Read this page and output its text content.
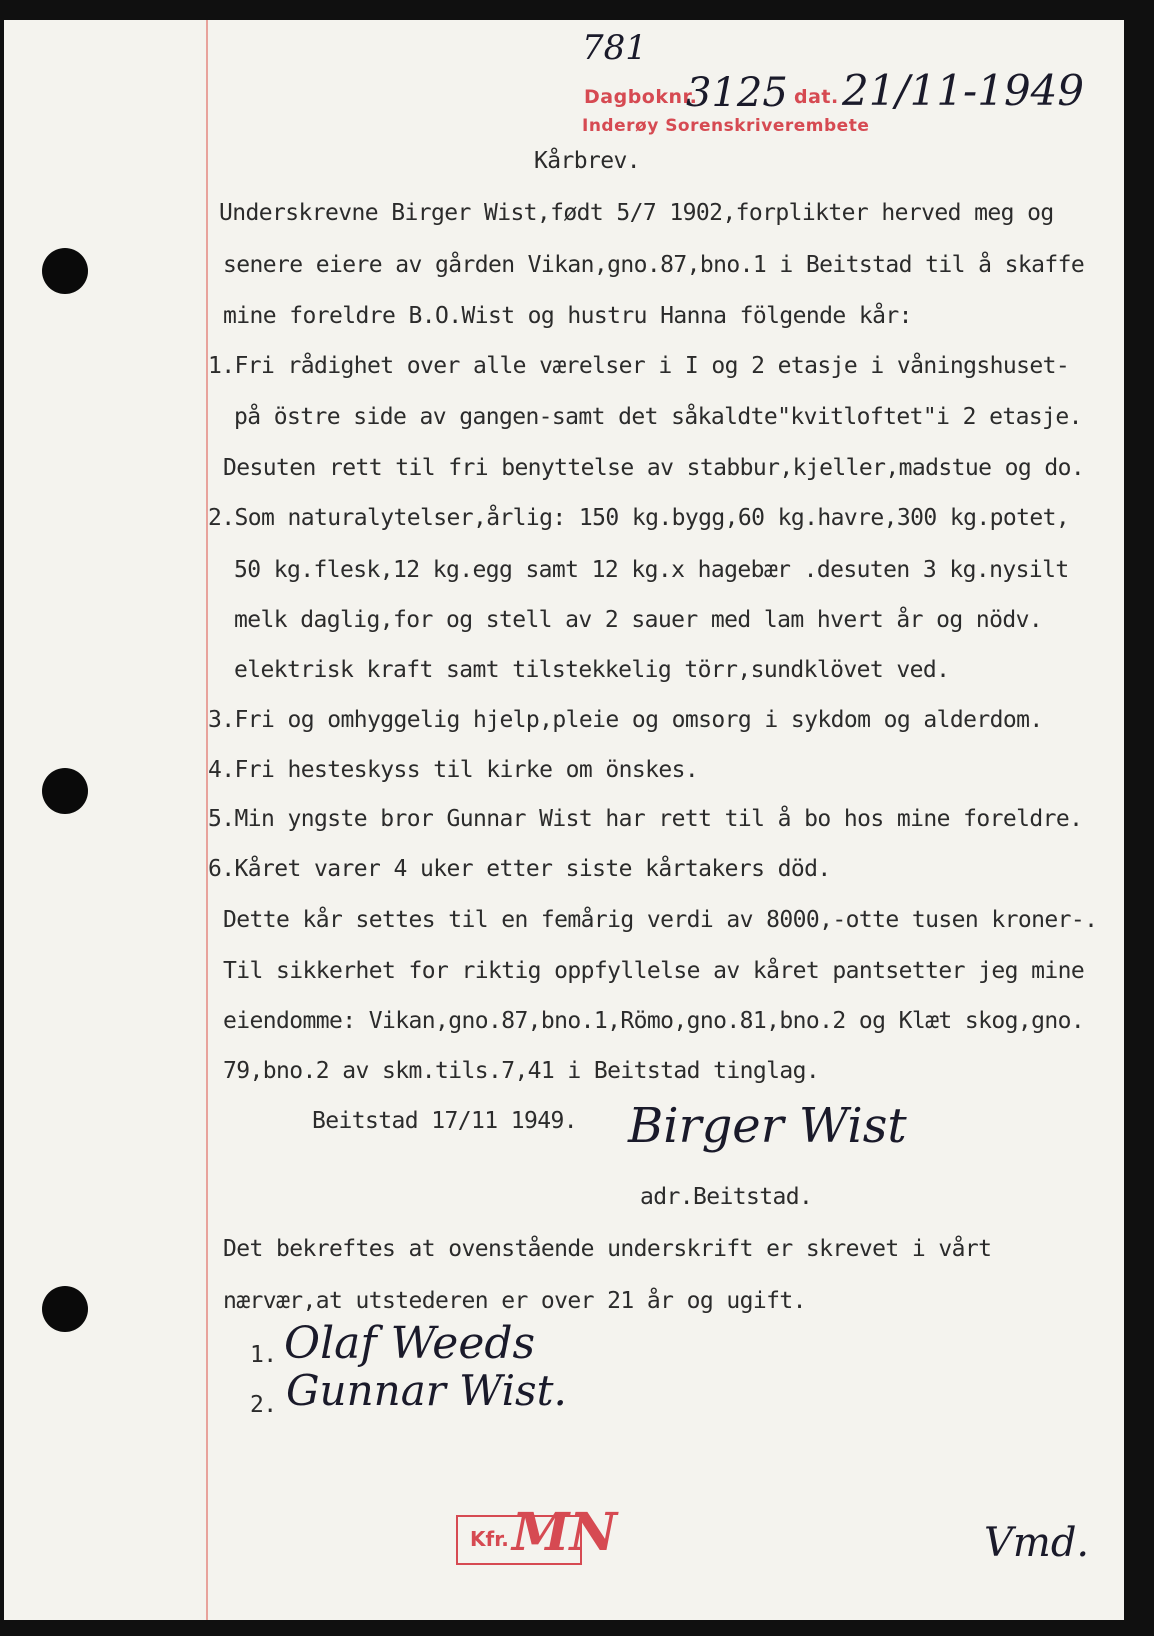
781
Dagboknr.
3125 dat. 21/11-1949
Inderøy Sorenskriverembete
Kårbrev.
Underskrevne Birger Wist,født 5/7 1902,forplikter herved meg og
senere eiere av gården Vikan,gno.87,bno.1 i Beitstad til å skaffe
mine foreldre B.O.Wist og hustru Hanna fölgende kår:
1.Fri rådighet over alle værelser i I og 2 etasje i våningshuset-
på östre side av gangen-samt det såkaldte"kvitloftet"i 2 etasje.
Desuten rett til fri benyttelse av stabbur,kjeller,madstue og do.
2.Som naturalytelser,årlig: 150 kg.bygg,60 kg.havre,300 kg.potet,
50 kg.flesk,12 kg.egg samt 12 kg.x hagebær .desuten 3 kg.nysilt
melk daglig,for og stell av 2 sauer med lam hvert år og nödv.
elektrisk kraft samt tilstekkelig törr,sundklövet ved.
3.Fri og omhyggelig hjelp,pleie og omsorg i sykdom og alderdom.
4.Fri hesteskyss til kirke om önskes.
5.Min yngste bror Gunnar Wist har rett til å bo hos mine foreldre.
6.Kåret varer 4 uker etter siste kårtakers död.
Dette kår settes til en femårig verdi av 8000,-otte tusen kroner-.
Til sikkerhet for riktig oppfyllelse av kåret pantsetter jeg mine
eiendomme: Vikan,gno.87,bno.1,Römo,gno.81,bno.2 og Klæt skog,gno.
79,bno.2 av skm.tils.7,41 i Beitstad tinglag.
Beitstad 17/11 1949. Birger Wist
adr.Beitstad.
Det bekreftes at ovenstående underskrift er skrevet i vårt
nærvær,at utstederen er over 21 år og ugift.
1. Olaf Weeds
2. Gunnar Wist.
Kfr. MN	Vmd.
